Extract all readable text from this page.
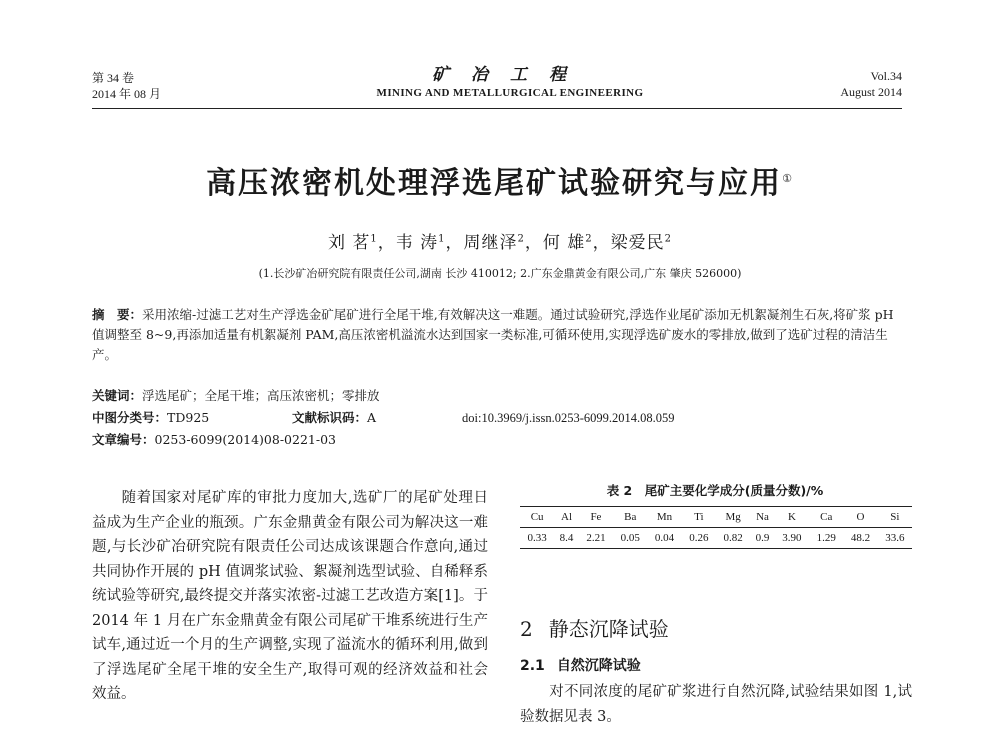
第 34 卷
2014 年 08 月
矿冶工程
MINING AND METALLURGICAL ENGINEERING
Vol.34
August 2014
高压浓密机处理浮选尾矿试验研究与应用①
刘 茗$^1$，韦 涛$^1$，周继泽$^2$，何 雄$^2$，梁爱民$^2$
(1.长沙矿冶研究院有限责任公司,湖南 长沙 410012; 2.广东金鼎黄金有限公司,广东 肇庆 526000)
摘　要：采用浓缩-过滤工艺对生产浮选金矿尾矿进行全尾干堆,有效解决这一难题。通过试验研究,浮选作业尾矿添加无机絮凝剂生石灰,将矿浆 pH 值调整至 8~9,再添加适量有机絮凝剂 PAM,高压浓密机溢流水达到国家一类标准,可循环使用,实现浮选矿废水的零排放,做到了选矿过程的清洁生产。
关键词：浮选尾矿；全尾干堆；高压浓密机；零排放
中图分类号：TD925	文献标识码：A	doi:10.3969/j.issn.0253-6099.2014.08.059
文章编号：0253-6099(2014)08-0221-03
随着国家对尾矿库的审批力度加大,选矿厂的尾矿处理日益成为生产企业的瓶颈。广东金鼎黄金有限公司为解决这一难题,与长沙矿冶研究院有限责任公司达成该课题合作意向,通过共同协作开展的 pH 值调浆试验、絮凝剂选型试验、自稀释系统试验等研究,最终提交并落实浓密-过滤工艺改造方案[1]。于 2014 年 1 月在广东金鼎黄金有限公司尾矿干堆系统进行生产试车,通过近一个月的生产调整,实现了溢流水的循环利用,做到了浮选尾矿全尾干堆的安全生产,取得可观的经济效益和社会效益。
表 2　尾矿主要化学成分(质量分数)/%
Cu	Al	Fe	Ba	Mn	Ti	Mg	Na	K	Ca	O	Si
0.33	8.4	2.21	0.05	0.04	0.26	0.82	0.9	3.90	1.29	48.2	33.6
2 静态沉降试验
2.1 自然沉降试验
对不同浓度的尾矿矿浆进行自然沉降,试验结果如图 1,试验数据见表 3。
